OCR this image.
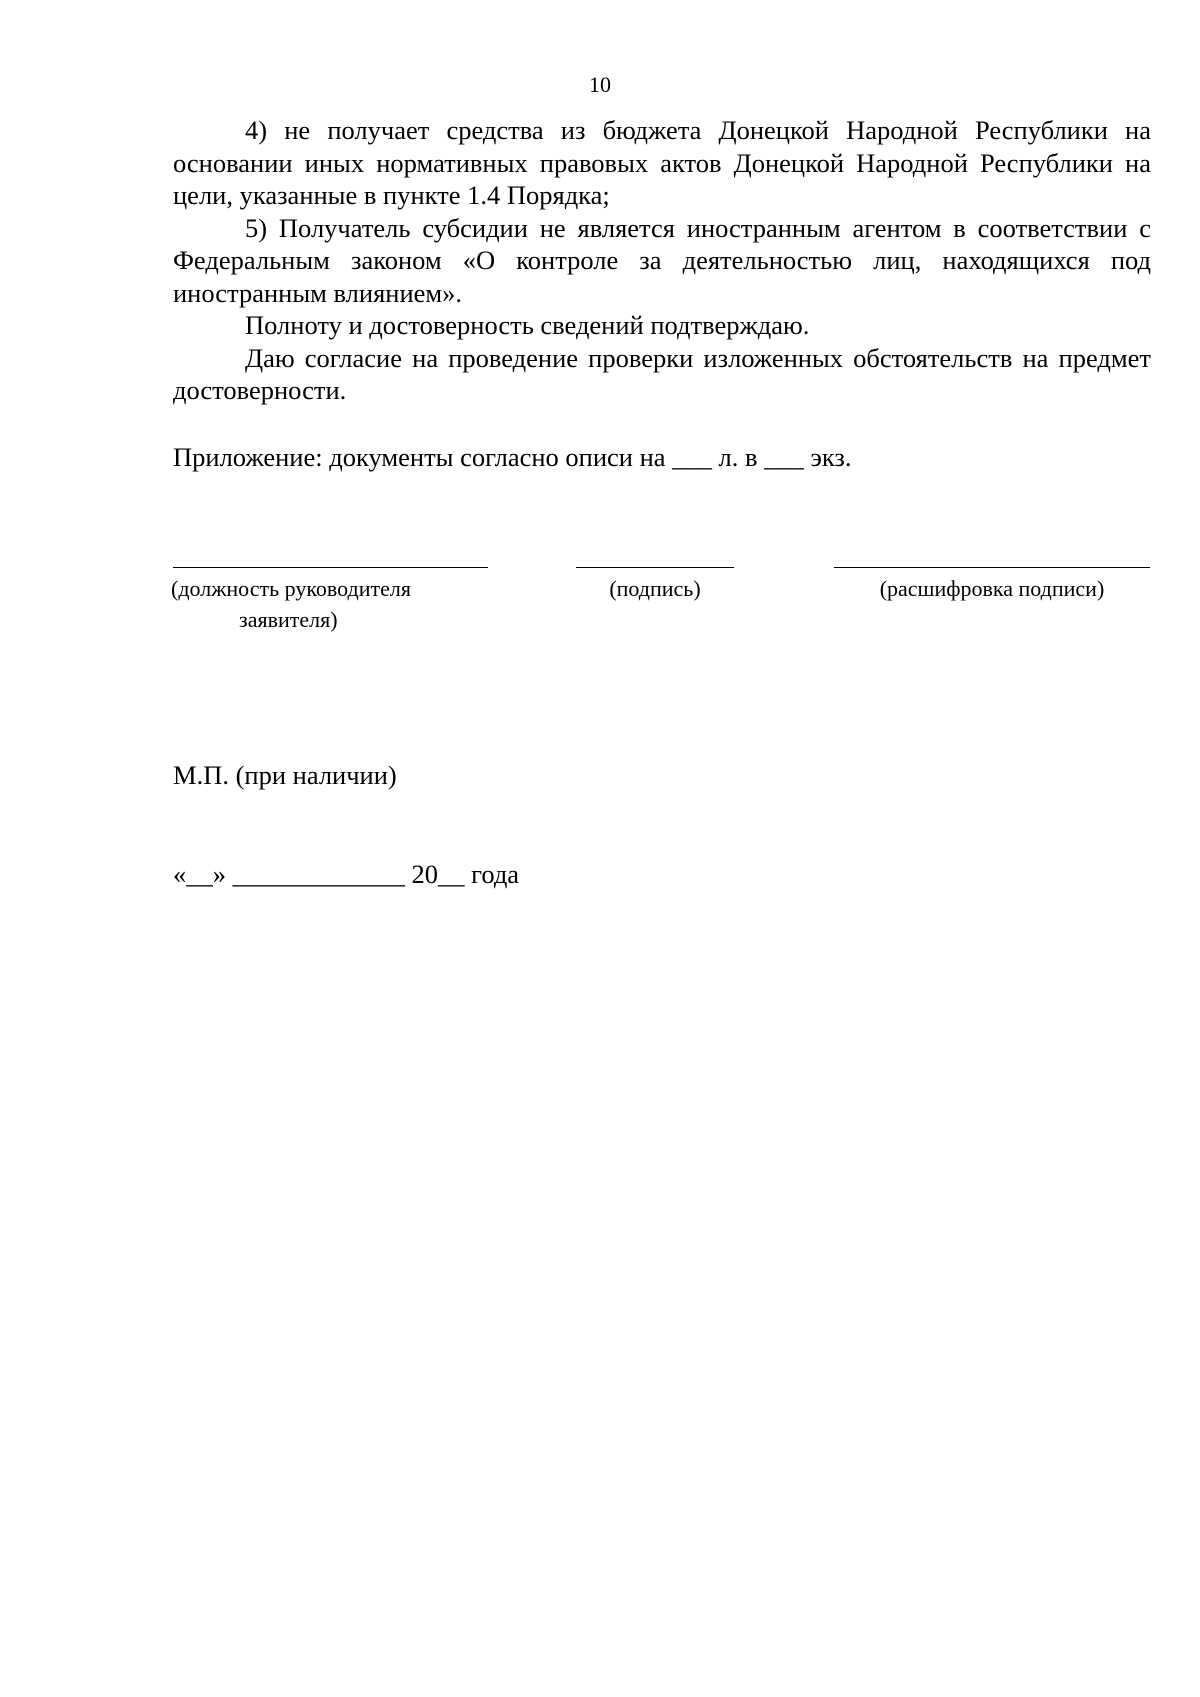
10

4) не получает средства из бюджета Донецкой Народной Республики на основании иных нормативных правовых актов Донецкой Народной Республики на цели, указанные в пункте 1.4 Порядка;

5) Получатель субсидии не является иностранным агентом в соответствии с Федеральным законом «О контроле за деятельностью лиц, находящихся под иностранным влиянием».

Полноту и достоверность сведений подтверждаю.

Даю согласие на проведение проверки изложенных обстоятельств на предмет достоверности.

Приложение: документы согласно описи на ___ л. в ___ экз.
(должность руководителя
заявителя)
(подпись)	(расшифровка подписи)

М.П. (при наличии)

«__» _____________ 20__ года
